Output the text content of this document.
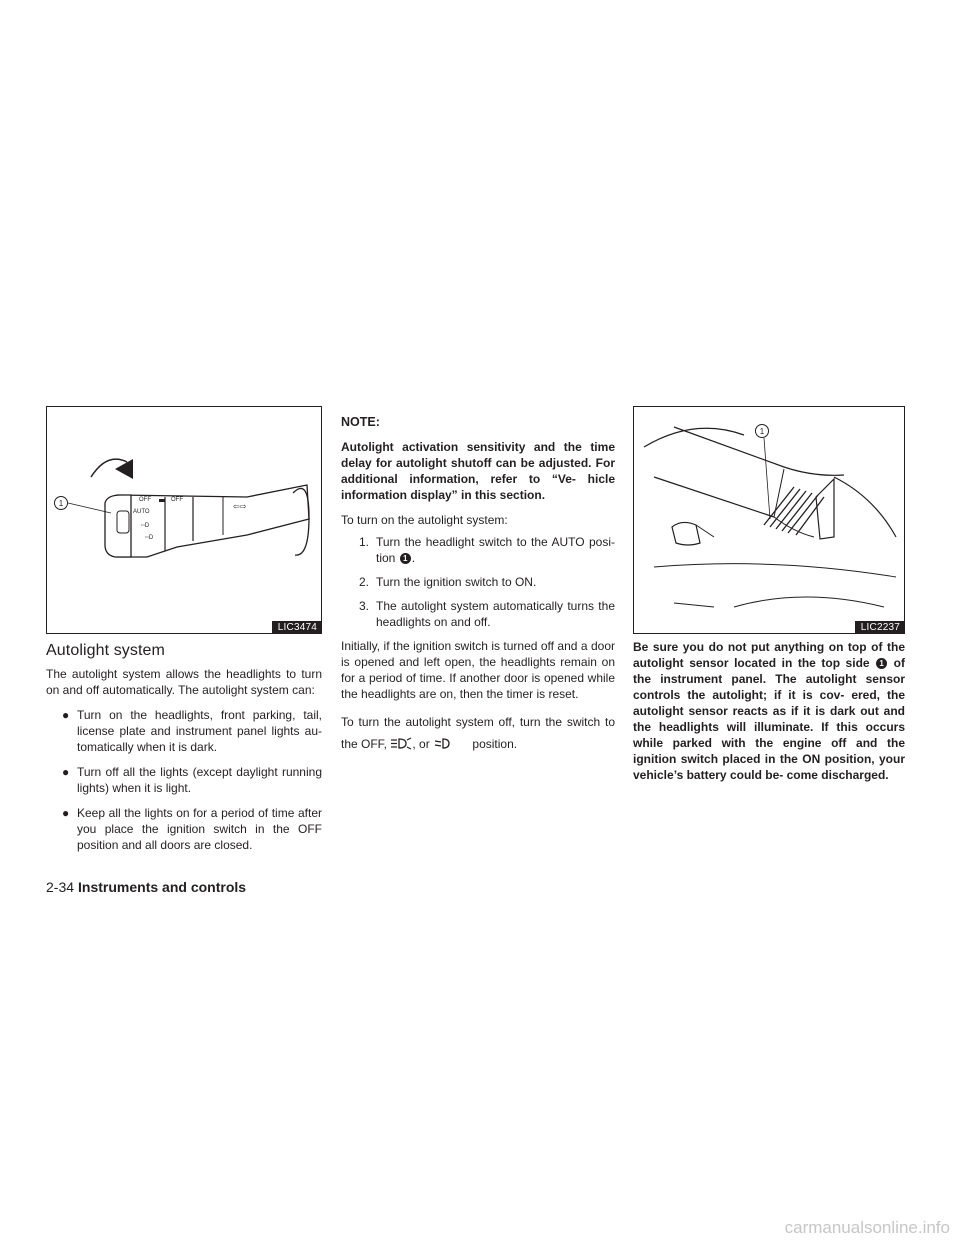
OFF	OFF
AUTO
ⵈD
ⵈD
⇦⇨
1
LIC3474
Autolight system

The autolight system allows the headlights to turn on and off automatically. The autolight system can:

● Turn on the headlights, front parking, tail, license plate and instrument panel lights au- tomatically when it is dark.
● Turn off all the lights (except daylight running lights) when it is light.
● Keep all the lights on for a period of time after you place the ignition switch in the OFF position and all doors are closed.

NOTE:

Autolight activation sensitivity and the time delay for autolight shutoff can be adjusted. For additional information, refer to “Ve- hicle information display” in this section.

To turn on the autolight system:

1. Turn the headlight switch to the AUTO posi- tion 1 .
2. Turn the ignition switch to ON.
3. The autolight system automatically turns the headlights on and off.

Initially, if the ignition switch is turned off and a door is opened and left open, the headlights remain on for a period of time. If another door is opened while the headlights are on, then the timer is reset.

To turn the autolight system off, turn the switch to the OFF, , or	position.

1
LIC2237

Be sure you do not put anything on top of the autolight sensor located in the top side 1 of the instrument panel. The autolight sensor controls the autolight; if it is cov- ered, the autolight sensor reacts as if it is dark out and the headlights will illuminate. If this occurs while parked with the engine off and the ignition switch placed in the ON position, your vehicle’s battery could be- come discharged.

2-34 Instruments and controls
carmanualsonline.info
